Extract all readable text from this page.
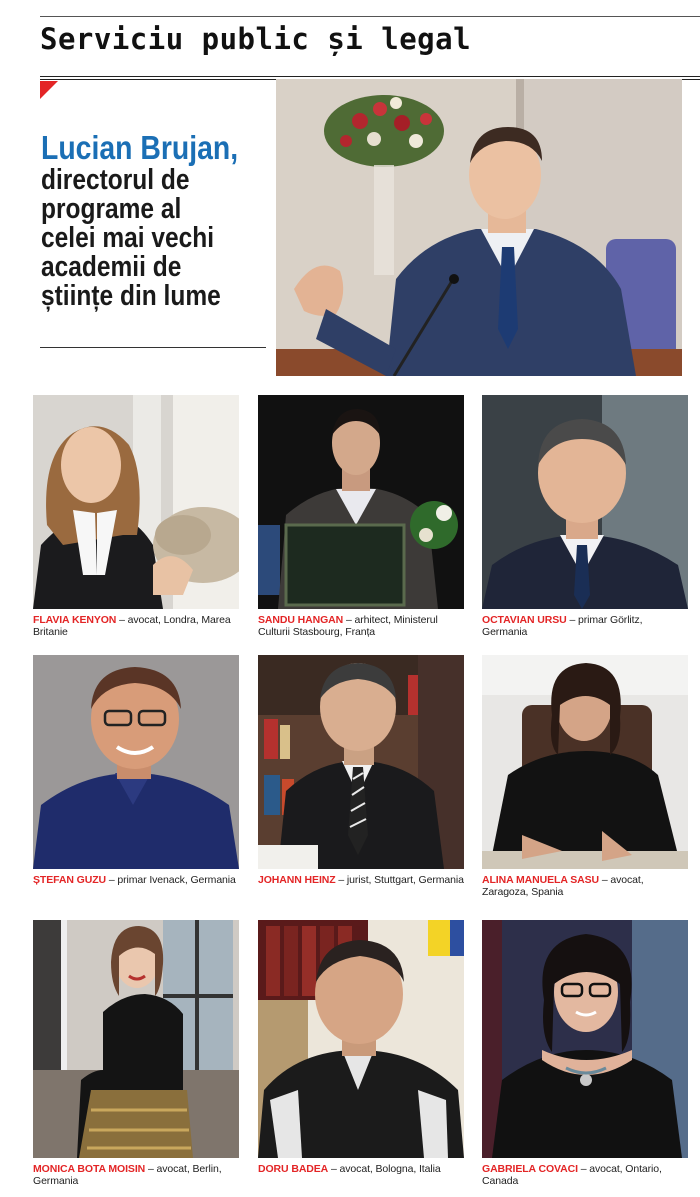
Serviciu public și legal
Lucian Brujan,
directorul de
programe al
celei mai vechi
academii de
științe din lume
FLAVIA KENYON – avocat, Londra, Marea Britanie
SANDU HANGAN – arhitect, Ministerul Culturii Stasbourg, Franța
OCTAVIAN URSU – primar Görlitz, Germania
ȘTEFAN GUZU – primar Ivenack, Germania	JOHANN HEINZ – jurist, Stuttgart, Germania ALINA MANUELA SASU – avocat, Zaragoza, Spania
MONICA BOTA MOISIN – avocat, Berlin, Germania
DORU BADEA – avocat, Bologna, Italia	GABRIELA COVACI – avocat, Ontario, Canada
